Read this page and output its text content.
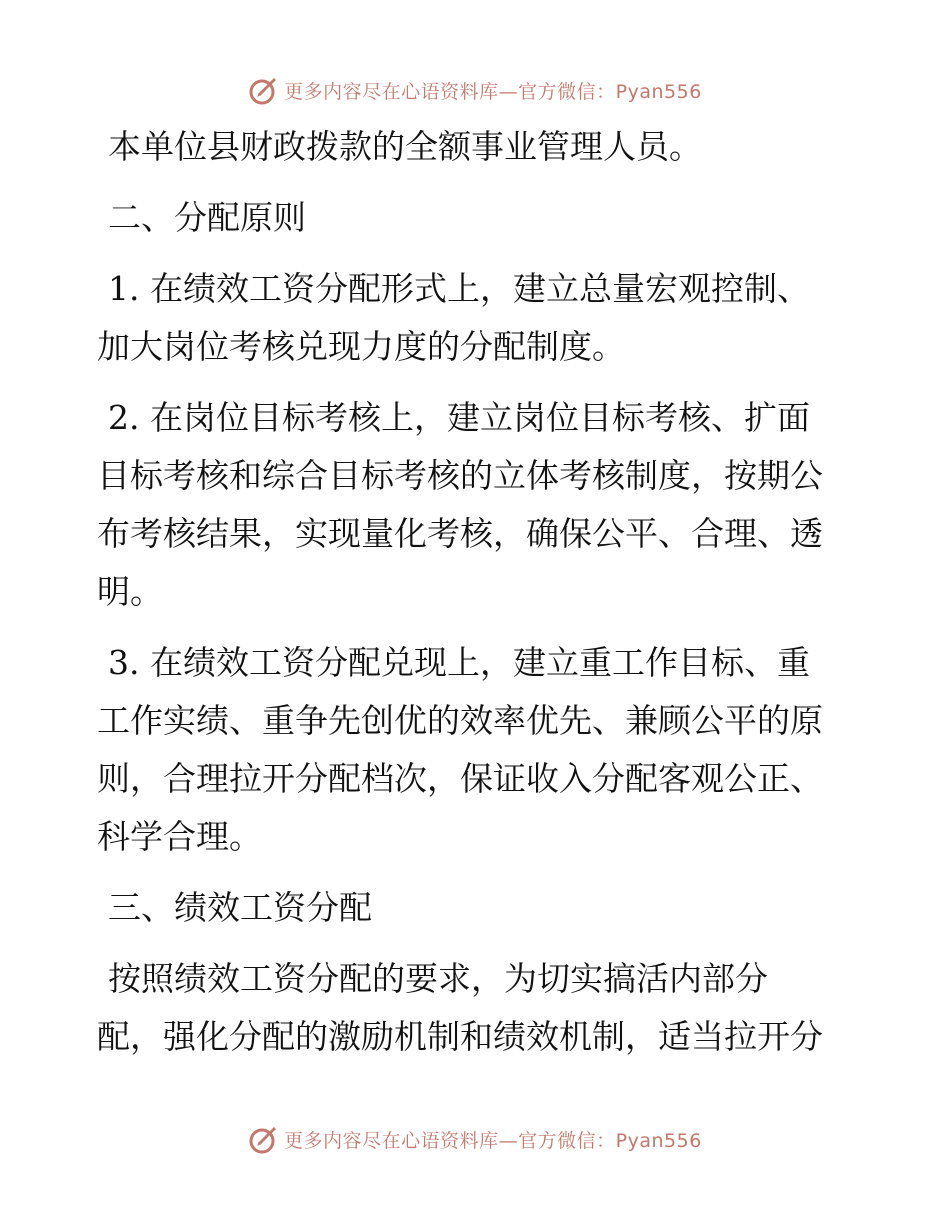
更多内容尽在心语资料库—官方微信：Pyan556

本单位县财政拨款的全额事业管理人员。

二、分配原则

1. 在绩效工资分配形式上，建立总量宏观控制、

加大岗位考核兑现力度的分配制度。

2. 在岗位目标考核上，建立岗位目标考核、扩面

目标考核和综合目标考核的立体考核制度，按期公

布考核结果，实现量化考核，确保公平、合理、透

明。

3. 在绩效工资分配兑现上，建立重工作目标、重

工作实绩、重争先创优的效率优先、兼顾公平的原

则，合理拉开分配档次，保证收入分配客观公正、

科学合理。

三、绩效工资分配

按照绩效工资分配的要求，为切实搞活内部分

配，强化分配的激励机制和绩效机制，适当拉开分

更多内容尽在心语资料库—官方微信：Pyan556
